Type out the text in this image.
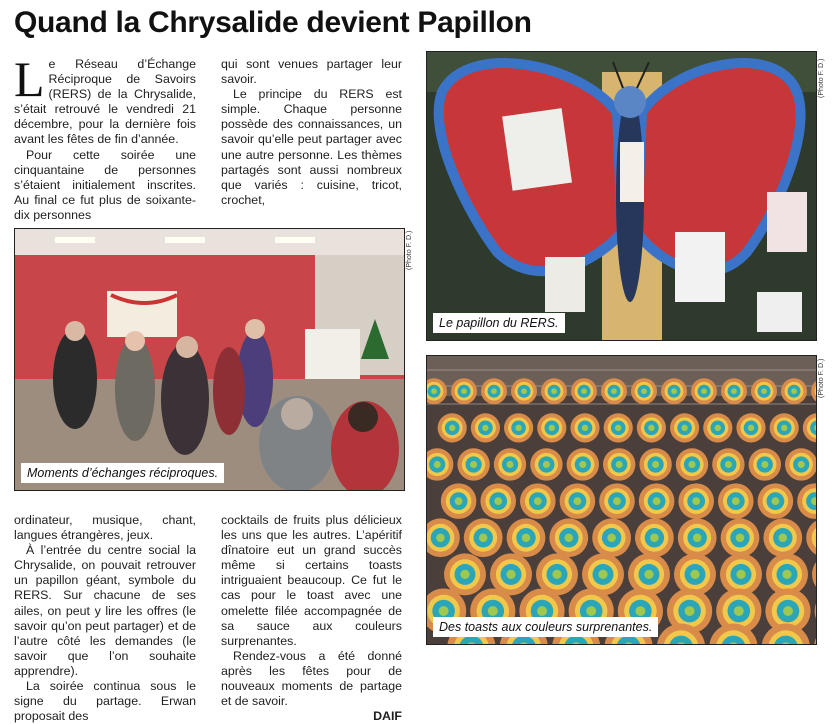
Quand la Chrysalide devient Papillon

Le Réseau d’Échange Réciproque de Savoirs (RERS) de la Chrysalide, s’était retrouvé le vendredi 21 décembre, pour la dernière fois avant les fêtes de fin d’année.

Pour cette soirée une cinquantaine de personnes s’étaient initialement inscrites. Au final ce fut plus de soixante-dix personnes

qui sont venues partager leur savoir.

Le principe du RERS est simple. Chaque personne possède des connaissances, un savoir qu’elle peut partager avec une autre personne. Les thèmes partagés sont aussi nombreux que variés : cuisine, tricot, crochet,

Moments d’échanges réciproques.
(Photo F. D.)

ordinateur, musique, chant, langues étrangères, jeux.

À l’entrée du centre social la Chrysalide, on pouvait retrouver un papillon géant, symbole du RERS. Sur chacune de ses ailes, on peut y lire les offres (le savoir qu’on peut partager) et de l’autre côté les demandes (le savoir que l’on souhaite apprendre).

La soirée continua sous le signe du partage. Erwan proposait des

cocktails de fruits plus délicieux les uns que les autres. L’apéritif dînatoire eut un grand succès même si certains toasts intriguaient beaucoup. Ce fut le cas pour le toast avec une omelette filée accompagnée de sa sauce aux couleurs surprenantes.

Rendez-vous a été donné après les fêtes pour de nouveaux moments de partage et de savoir.

DAIF

Le papillon du RERS.
(Photo F. D.)
Des toasts aux couleurs surprenantes.
(Photo F. D.)
